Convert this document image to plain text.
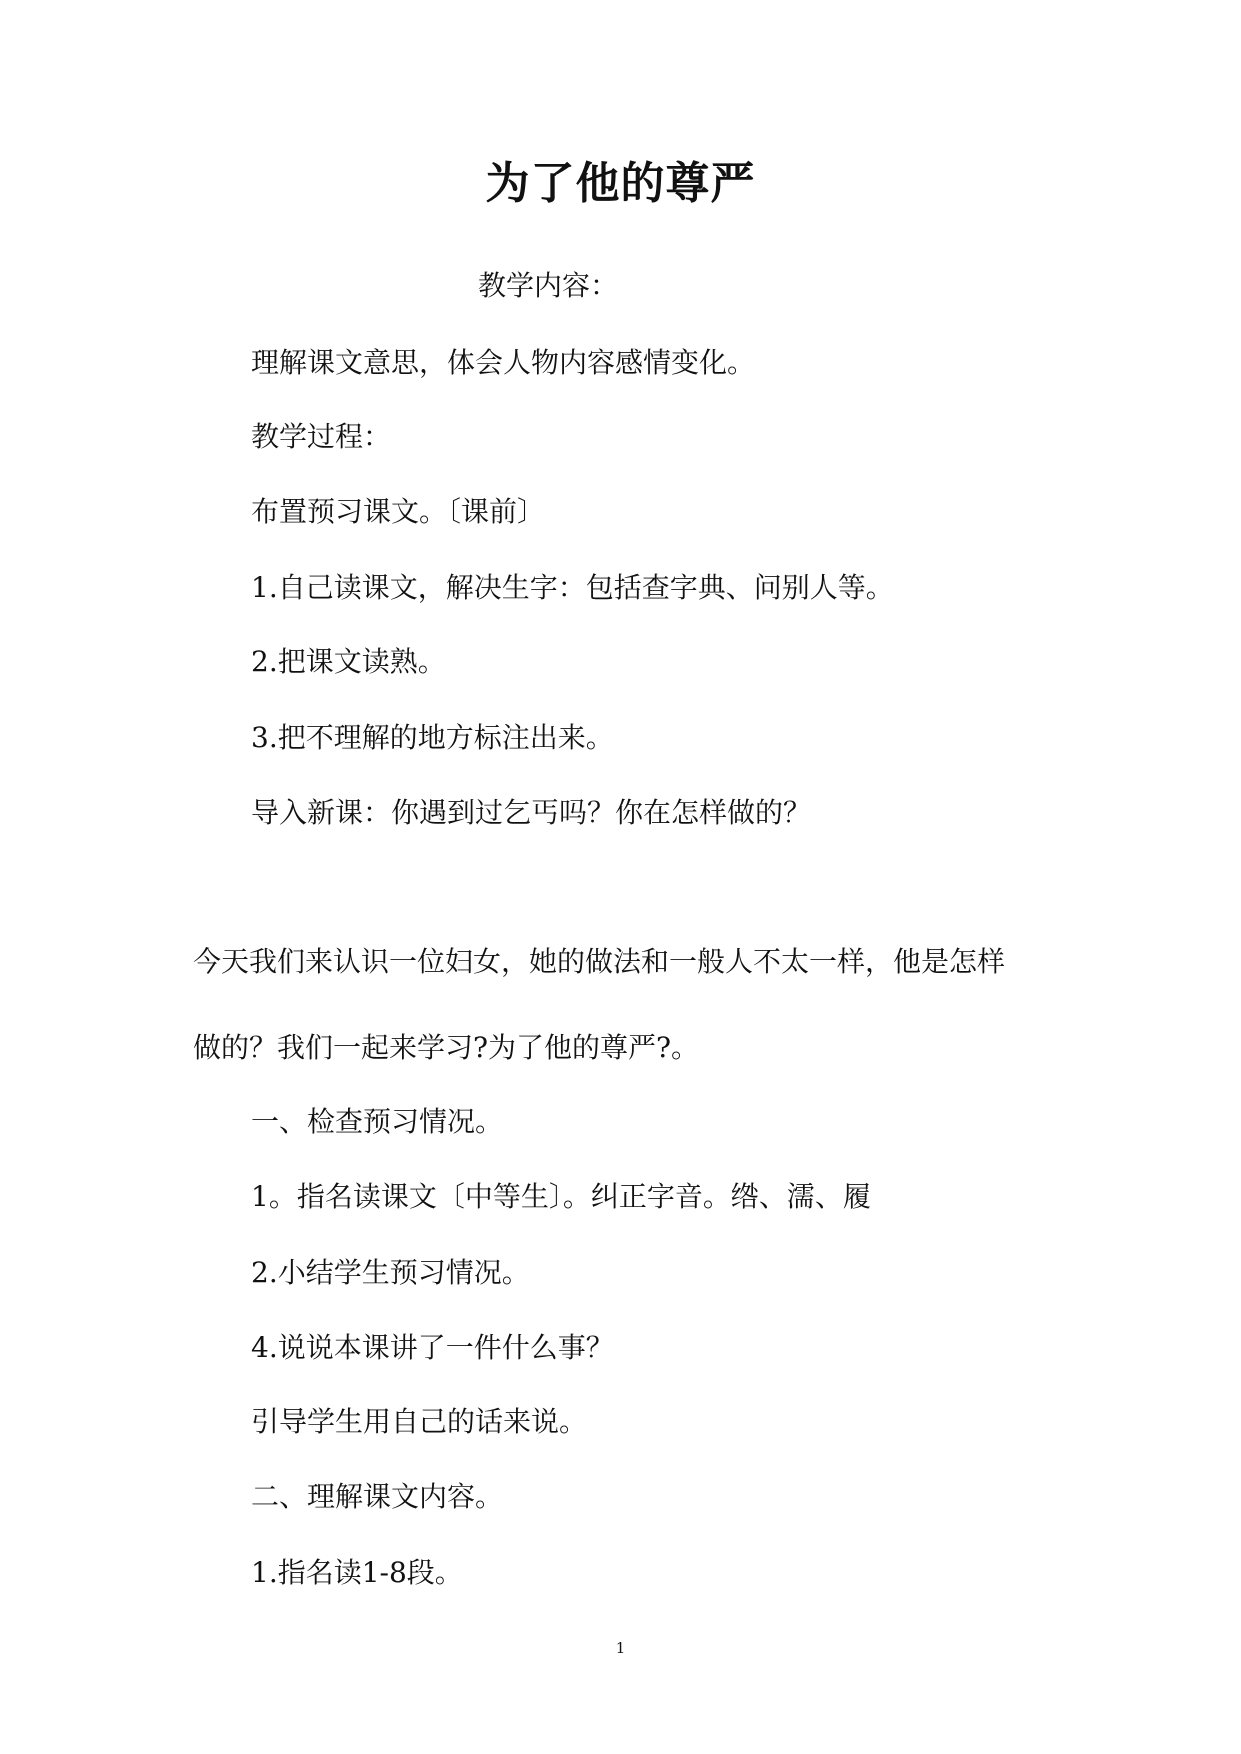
为了他的尊严
教学内容：
理解课文意思，体会人物内容感情变化。
教学过程：
布置预习课文。〔课前〕
1.自己读课文，解决生字：包括查字典、问别人等。
2.把课文读熟。
3.把不理解的地方标注出来。
导入新课：你遇到过乞丐吗？你在怎样做的？
今天我们来认识一位妇女，她的做法和一般人不太一样，他是怎样
做的？我们一起来学习?为了他的尊严?。
一、检查预习情况。
1。指名读课文〔中等生〕。纠正字音。绺、濡、履
2.小结学生预习情况。
4.说说本课讲了一件什么事？
引导学生用自己的话来说。
二、理解课文内容。
1.指名读1-8段。
1
